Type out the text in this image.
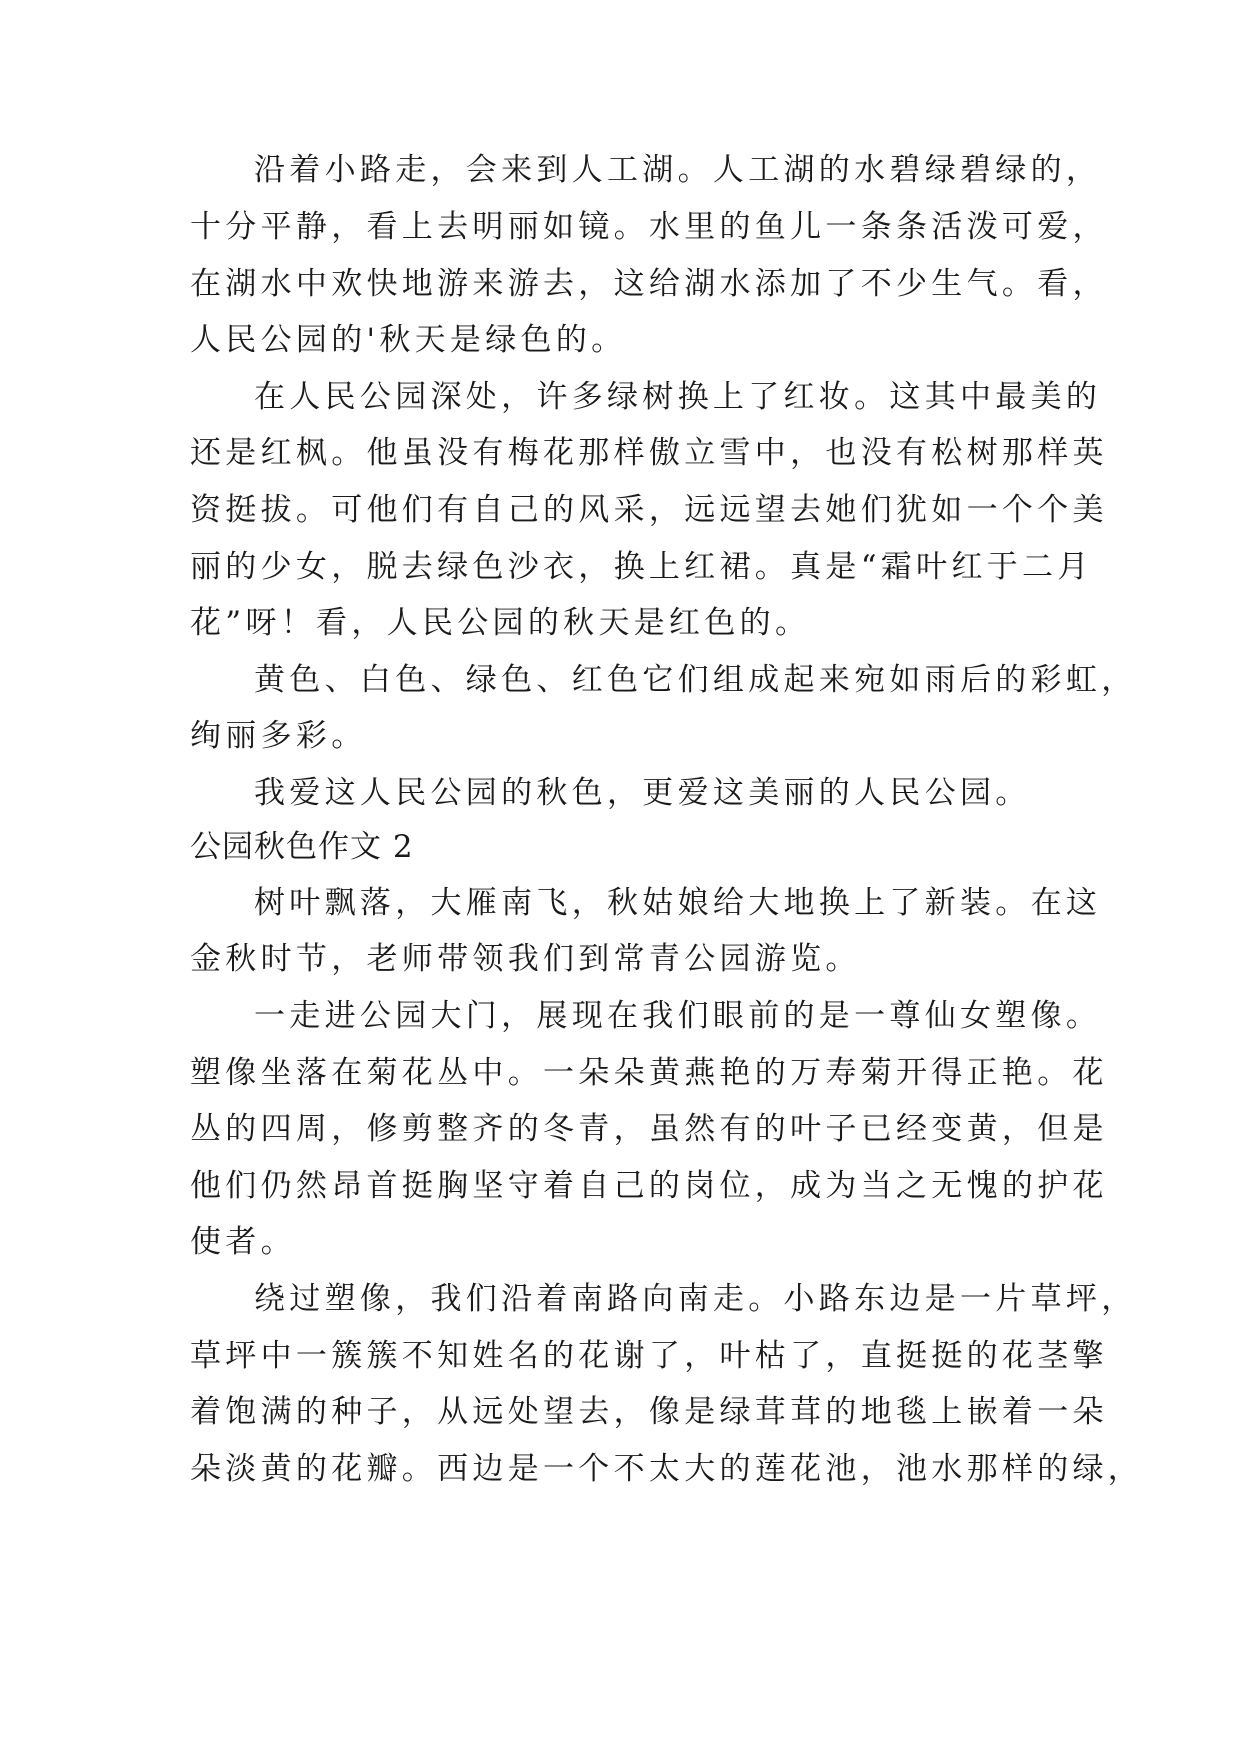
沿着小路走，会来到人工湖。人工湖的水碧绿碧绿的，
十分平静，看上去明丽如镜。水里的鱼儿一条条活泼可爱，
在湖水中欢快地游来游去，这给湖水添加了不少生气。看，
人民公园的'秋天是绿色的。
在人民公园深处，许多绿树换上了红妆。这其中最美的
还是红枫。他虽没有梅花那样傲立雪中，也没有松树那样英
资挺拔。可他们有自己的风采，远远望去她们犹如一个个美
丽的少女，脱去绿色沙衣，换上红裙。真是“霜叶红于二月
花”呀！看，人民公园的秋天是红色的。
黄色、白色、绿色、红色它们组成起来宛如雨后的彩虹，
绚丽多彩。
我爱这人民公园的秋色，更爱这美丽的人民公园。
公园秋色作文 2
树叶飘落，大雁南飞，秋姑娘给大地换上了新装。在这
金秋时节，老师带领我们到常青公园游览。
一走进公园大门，展现在我们眼前的是一尊仙女塑像。
塑像坐落在菊花丛中。一朵朵黄燕艳的万寿菊开得正艳。花
丛的四周，修剪整齐的冬青，虽然有的叶子已经变黄，但是
他们仍然昂首挺胸坚守着自己的岗位，成为当之无愧的护花
使者。
绕过塑像，我们沿着南路向南走。小路东边是一片草坪，
草坪中一簇簇不知姓名的花谢了，叶枯了，直挺挺的花茎擎
着饱满的种子，从远处望去，像是绿茸茸的地毯上嵌着一朵
朵淡黄的花瓣。西边是一个不太大的莲花池，池水那样的绿，
